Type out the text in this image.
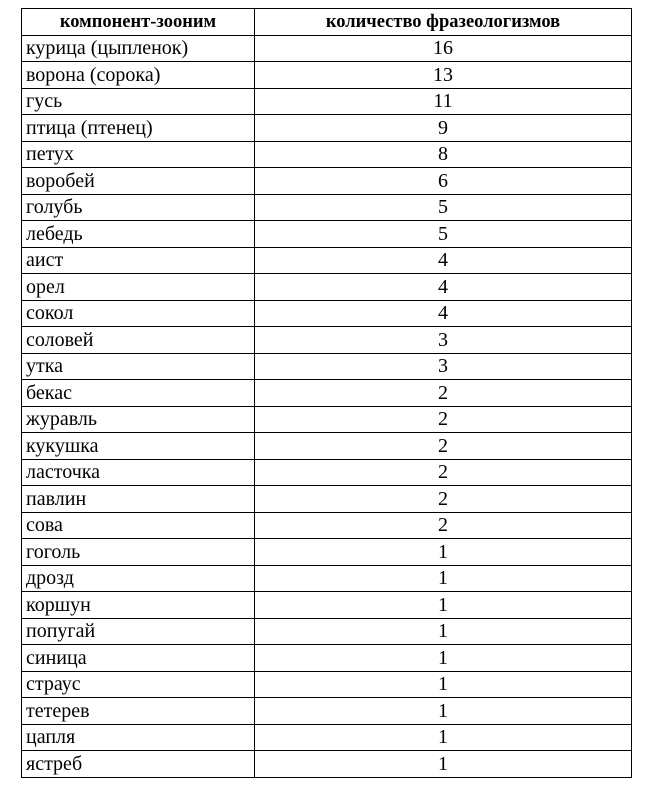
компонент-зооним	количество фразеологизмов
курица (цыпленок)	16
ворона (сорока)	13
гусь	11
птица (птенец)	9
петух	8
воробей	6
голубь	5
лебедь	5
аист	4
орел	4
сокол	4
соловей	3
утка	3
бекас	2
журавль	2
кукушка	2
ласточка	2
павлин	2
сова	2
гоголь	1
дрозд	1
коршун	1
попугай	1
синица	1
страус	1
тетерев	1
цапля	1
ястреб	1
